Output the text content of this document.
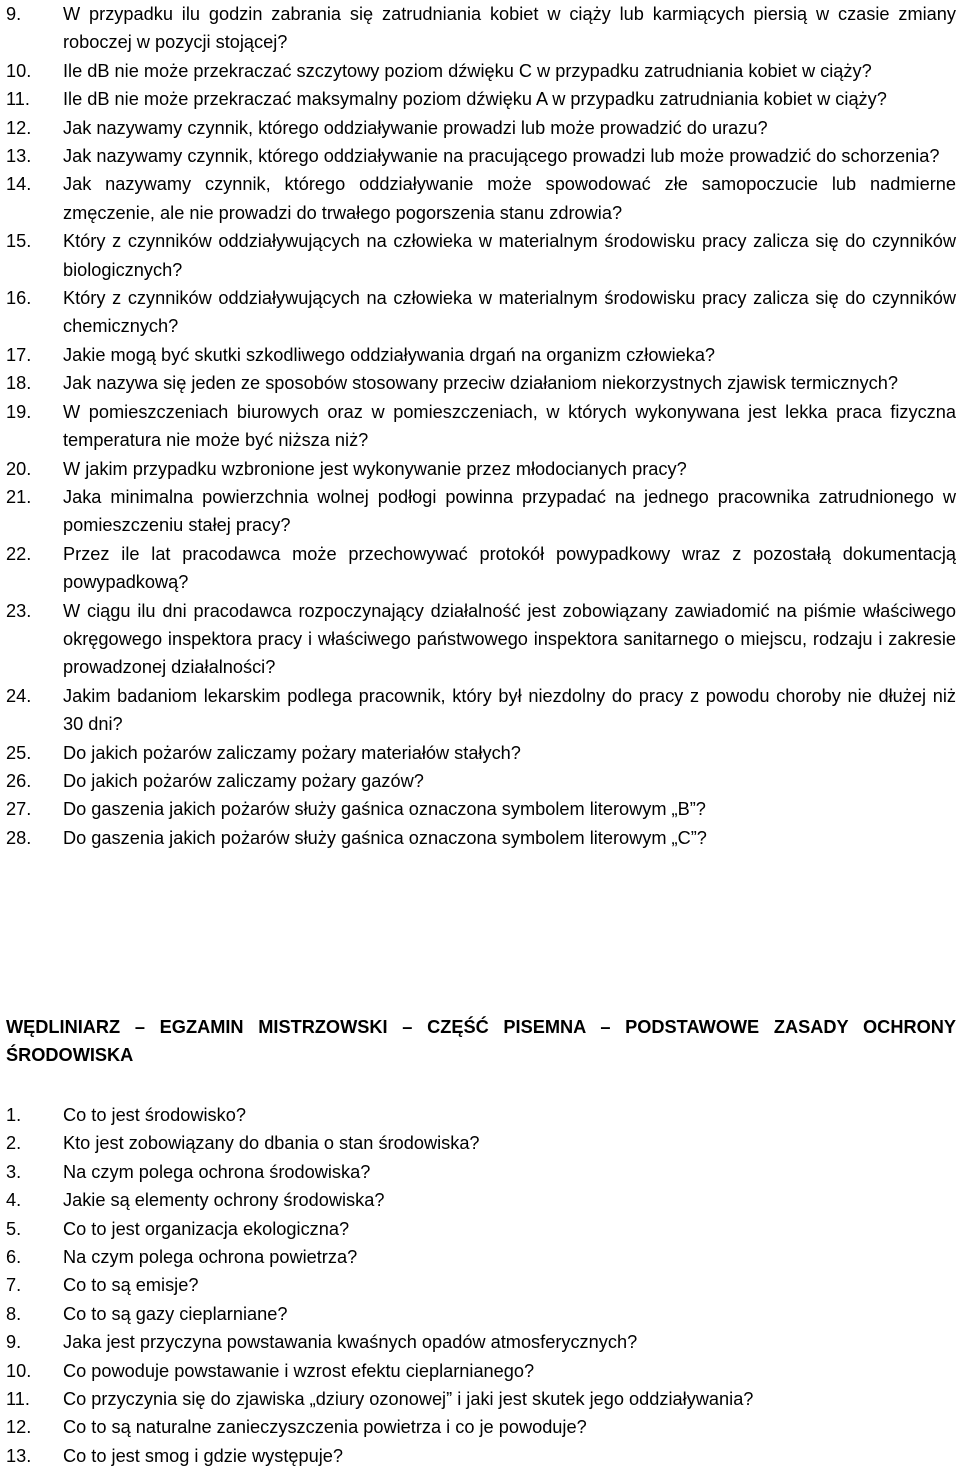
9.	W przypadku ilu godzin zabrania się zatrudniania kobiet w ciąży lub karmiących piersią w czasie zmiany roboczej w pozycji stojącej?
10.	Ile dB nie może przekraczać szczytowy poziom dźwięku C w przypadku zatrudniania kobiet w ciąży?
11.	Ile dB nie może przekraczać maksymalny poziom dźwięku A w przypadku zatrudniania kobiet w ciąży?
12.	Jak nazywamy czynnik, którego oddziaływanie prowadzi lub może prowadzić do urazu?
13.	Jak nazywamy czynnik, którego oddziaływanie na pracującego prowadzi lub może prowadzić do schorzenia?
14.	Jak nazywamy czynnik, którego oddziaływanie może spowodować złe samopoczucie lub nadmierne zmęczenie, ale nie prowadzi do trwałego pogorszenia stanu zdrowia?
15.	Który z czynników oddziaływujących na człowieka w materialnym środowisku pracy zalicza się do czynników biologicznych?
16.	Który z czynników oddziaływujących na człowieka w materialnym środowisku pracy zalicza się do czynników chemicznych?
17.	Jakie mogą być skutki szkodliwego oddziaływania drgań na organizm człowieka?
18.	Jak nazywa się jeden ze sposobów stosowany przeciw działaniom niekorzystnych zjawisk termicznych?
19.	W pomieszczeniach biurowych oraz w pomieszczeniach, w których wykonywana jest lekka praca fizyczna temperatura nie może być niższa niż?
20.	W jakim przypadku wzbronione jest wykonywanie przez młodocianych pracy?
21.	Jaka minimalna powierzchnia wolnej podłogi powinna przypadać na jednego pracownika zatrudnionego w pomieszczeniu stałej pracy?
22.	Przez ile lat pracodawca może przechowywać protokół powypadkowy wraz z pozostałą dokumentacją powypadkową?
23.	W ciągu ilu dni pracodawca rozpoczynający działalność jest zobowiązany zawiadomić na piśmie właściwego okręgowego inspektora pracy i właściwego państwowego inspektora sanitarnego o miejscu, rodzaju i zakresie prowadzonej działalności?
24.	Jakim badaniom lekarskim podlega pracownik, który był niezdolny do pracy z powodu choroby nie dłużej niż 30 dni?
25.	Do jakich pożarów zaliczamy pożary materiałów stałych?
26.	Do jakich pożarów zaliczamy pożary gazów?
27.	Do gaszenia jakich pożarów służy gaśnica oznaczona symbolem literowym „B”?
28.	Do gaszenia jakich pożarów służy gaśnica oznaczona symbolem literowym „C”?
WĘDLINIARZ – EGZAMIN MISTRZOWSKI – CZĘŚĆ PISEMNA – PODSTAWOWE ZASADY OCHRONY ŚRODOWISKA
1.	Co to jest środowisko?
2.	Kto jest zobowiązany do dbania o stan środowiska?
3.	Na czym polega ochrona środowiska?
4.	Jakie są elementy ochrony środowiska?
5.	Co to jest organizacja ekologiczna?
6.	Na czym polega ochrona powietrza?
7.	Co to są emisje?
8.	Co to są gazy cieplarniane?
9.	Jaka jest przyczyna powstawania kwaśnych opadów atmosferycznych?
10.	Co powoduje powstawanie i wzrost efektu cieplarnianego?
11.	Co przyczynia się do zjawiska „dziury ozonowej” i jaki jest skutek jego oddziaływania?
12.	Co to są naturalne zanieczyszczenia powietrza i co je powoduje?
13.	Co to jest smog i gdzie występuje?
